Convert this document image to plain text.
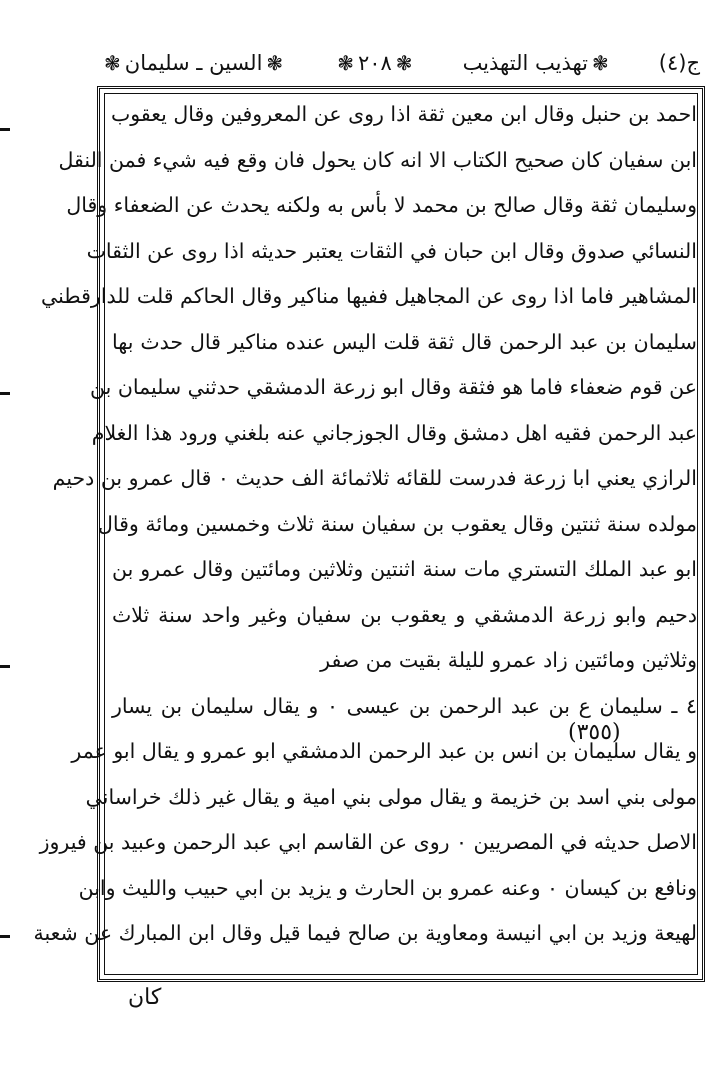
ج(٤)
❃تهذيب التهذيب
❃٢٠٨❃
❃السين ـ سليمان❃
احمد بن حنبل وقال ابن معين ثقة اذا روى عن المعروفين وقال يعقوب
ابن سفيان كان صحيح الكتاب الا انه كان يحول فان وقع فيه شيء فمن النقل
وسليمان ثقة وقال صالح بن محمد لا بأس به ولكنه يحدث عن الضعفاء وقال
النسائي صدوق وقال ابن حبان في الثقات يعتبر حديثه اذا روى عن الثقات
المشاهير فاما اذا روى عن المجاهيل ففيها مناكير وقال الحاكم قلت للدارقطني
سليمان بن عبد الرحمن قال ثقة قلت اليس عنده مناكير قال حدث بها
عن قوم ضعفاء فاما هو فثقة وقال ابو زرعة الدمشقي حدثني سليمان بن
عبد الرحمن فقيه اهل دمشق وقال الجوزجاني عنه بلغني ورود هذا الغلام
الرازي يعني ابا زرعة فدرست للقائه ثلاثمائة الف حديث ٠ قال عمرو بن دحيم
مولده سنة ثنتين وقال يعقوب بن سفيان سنة ثلاث وخمسين ومائة وقال
ابو عبد الملك التستري مات سنة اثنتين وثلاثين ومائتين وقال عمرو بن
دحيم وابو زرعة الدمشقي و يعقوب بن سفيان وغير واحد سنة ثلاث
وثلاثين ومائتين زاد عمرو لليلة بقيت من صفر
٤ ـ سليمان ع بن عبد الرحمن بن عيسى ٠ و يقال سليمان بن يسار
و يقال سليمان بن انس بن عبد الرحمن الدمشقي ابو عمرو و يقال ابو عمر
مولى بني اسد بن خزيمة و يقال مولى بني امية و يقال غير ذلك خراساني
الاصل حديثه في المصريين ٠ روى عن القاسم ابي عبد الرحمن وعبيد بن فيروز
ونافع بن كيسان ٠ وعنه عمرو بن الحارث و يزيد بن ابي حبيب والليث وابن
لهيعة وزيد بن ابي انيسة ومعاوية بن صالح فيما قيل وقال ابن المبارك عن شعبة
(٣٥٥)
كان
